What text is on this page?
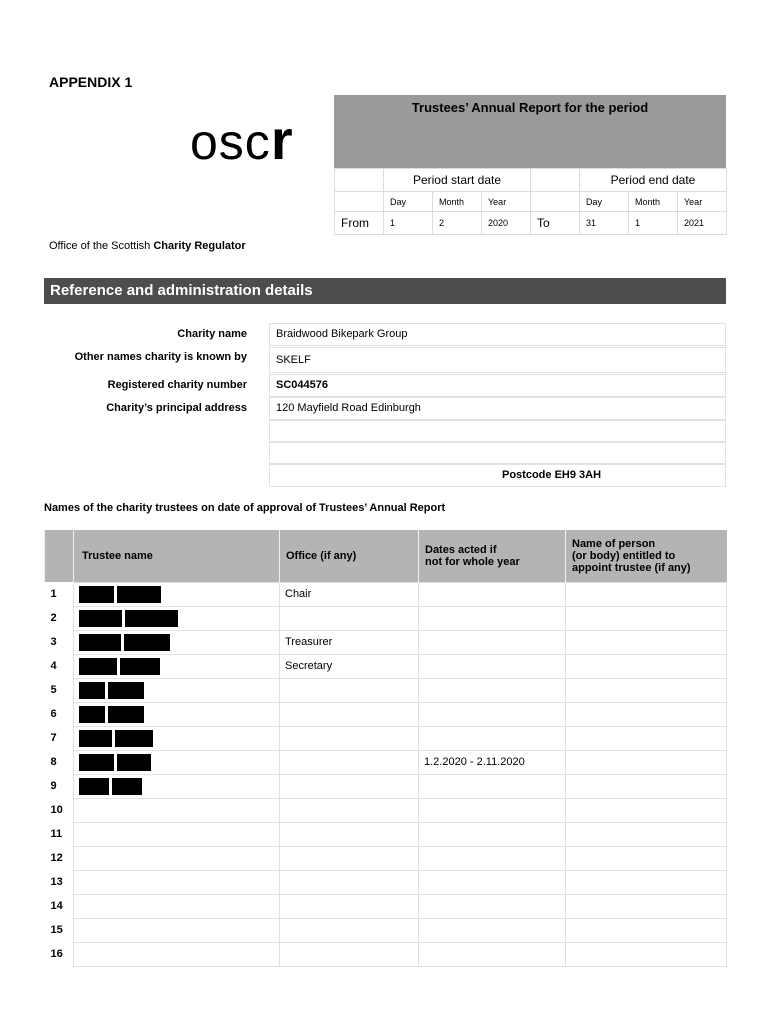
APPENDIX 1
oscr
Office of the Scottish Charity Regulator
Trustees’ Annual Report for the period
	Period start date				Period end date		
	Day	Month	Year		Day	Month	Year
From	1	2	2020	To	31	1	2021
Reference and administration details
Charity name	Braidwood Bikepark Group
Other names charity is known by	SKELF
Registered charity number	SC044576
Charity’s principal address	120 Mayfield Road Edinburgh
Postcode EH9 3AH
Names of the charity trustees on date of approval of Trustees’ Annual Report
	Trustee name	Office (if any)	Dates acted if
not for whole year	Name of person
(or body) entitled to
appoint trustee (if any)
1		Chair		
2				
3		Treasurer		
4		Secretary		
5				
6				
7				
8			1.2.2020 - 2.11.2020	
9				
10				
11				
12				
13				
14				
15				
16				
